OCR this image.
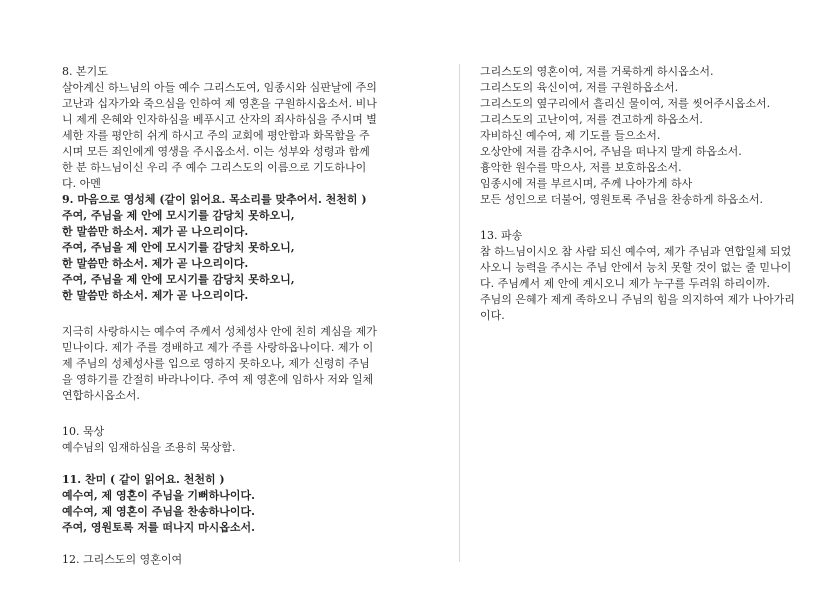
8. 본기도

살아계신 하느님의 아들 예수 그리스도여, 임종시와 심판날에 주의

고난과 십자가와 죽으심을 인하여 제 영혼을 구원하시옵소서. 비나

니 제게 은혜와 인자하심을 베푸시고 산자의 죄사하심을 주시며 별

세한 자를 평안히 쉬게 하시고 주의 교회에 평안함과 화목함을 주

시며 모든 죄인에게 영생을 주시옵소서. 이는 성부와 성령과 함께

한 분 하느님이신 우리 주 예수 그리스도의 이름으로 기도하나이

다. 아멘

9. 마음으로 영성체 (같이 읽어요. 목소리를 맞추어서. 천천히 )

주여, 주님을 제 안에 모시기를 감당치 못하오니,

한 말씀만 하소서. 제가 곧 나으리이다.

주여, 주님을 제 안에 모시기를 감당치 못하오니,

한 말씀만 하소서. 제가 곧 나으리이다.

주여, 주님을 제 안에 모시기를 감당치 못하오니,

한 말씀만 하소서. 제가 곧 나으리이다.

지극히 사랑하시는 예수여 주께서 성체성사 안에 친히 계심을 제가

믿나이다. 제가 주를 경배하고 제가 주를 사랑하옵나이다. 제가 이

제 주님의 성체성사를 입으로 영하지 못하오나, 제가 신령히 주님

을 영하기를 간절히 바라나이다. 주여 제 영혼에 임하사 저와 일체

연합하시옵소서.

10. 묵상

예수님의 임재하심을 조용히 묵상함.

11. 찬미 ( 같이 읽어요. 천천히 )

예수여, 제 영혼이 주님을 기뻐하나이다.

예수여, 제 영혼이 주님을 찬송하나이다.

주여, 영원토록 저를 떠나지 마시옵소서.

12. 그리스도의 영혼이여

그리스도의 영혼이여, 저를 거룩하게 하시옵소서.

그리스도의 육신이여, 저를 구원하옵소서.

그리스도의 옆구리에서 흘리신 물이여, 저를 씻어주시옵소서.

그리스도의 고난이여, 저를 견고하게 하옵소서.

자비하신 예수여, 제 기도를 들으소서.

오상안에 저를 감추시어, 주님을 떠나지 말게 하옵소서.

흉악한 원수를 막으사, 저를 보호하옵소서.

임종시에 저를 부르시며, 주께 나아가게 하사

모든 성인으로 더불어, 영원토록 주님을 찬송하게 하옵소서.

13. 파송

참 하느님이시오 참 사람 되신 예수여, 제가 주님과 연합일체 되었

사오니 능력을 주시는 주님 안에서 능치 못할 것이 없는 줄 믿나이

다. 주님께서 제 안에 계시오니 제가 누구를 두려워 하리이까.

주님의 은혜가 제게 족하오니 주님의 힘을 의지하여 제가 나아가리

이다.
